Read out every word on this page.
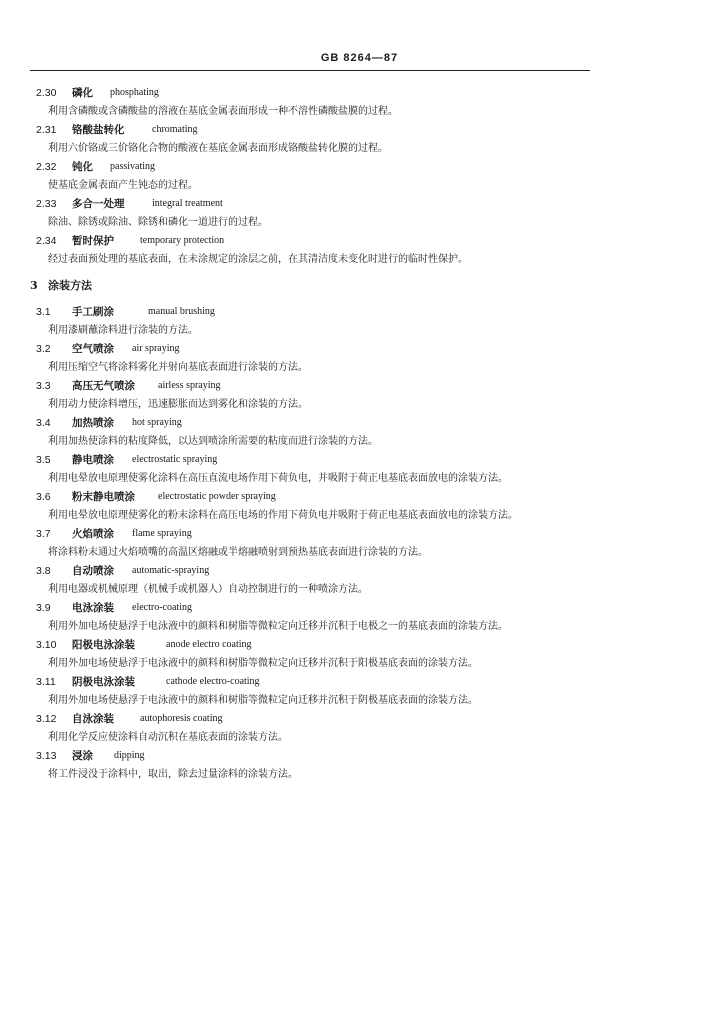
GB 8264—87
2.30 磷化 phosphating
利用含磷酸或含磷酸盐的溶液在基底金属表面形成一种不溶性磷酸盐膜的过程。
2.31 铬酸盐转化	chromating
利用六价铬或三价铬化合物的酸液在基底金属表面形成铬酸盐转化膜的过程。
2.32 钝化 passivating
使基底金属表面产生钝态的过程。
2.33 多合一处理	integral treatment
除油、除锈或除油、除锈和磷化一道进行的过程。
2.34 暂时保护	temporary protection
经过表面预处理的基底表面，在未涂规定的涂层之前，在其清洁度未变化时进行的临时性保护。
3 涂装方法
3.1 手工刷涂	manual brushing
利用漆刷蘸涂料进行涂装的方法。
3.2 空气喷涂 air spraying
利用压缩空气将涂料雾化并射向基底表面进行涂装的方法。
3.3 高压无气喷涂 airless spraying
利用动力使涂料增压，迅速膨胀而达到雾化和涂装的方法。
3.4 加热喷涂 hot spraying
利用加热使涂料的粘度降低，以达到喷涂所需要的粘度而进行涂装的方法。
3.5 静电喷涂 electrostatic spraying
利用电晕放电原理使雾化涂料在高压直流电场作用下荷负电，并吸附于荷正电基底表面放电的涂装方法。
3.6 粉末静电喷涂 electrostatic powder spraying
利用电晕放电原理使雾化的粉末涂料在高压电场的作用下荷负电并吸附于荷正电基底表面放电的涂装方法。
3.7 火焰喷涂 flame spraying
将涂料粉末通过火焰喷嘴的高温区熔融或半熔融喷射到预热基底表面进行涂装的方法。
3.8 自动喷涂 automatic-spraying
利用电器或机械原理（机械手或机器人）自动控制进行的一种喷涂方法。
3.9 电泳涂装 electro-coating
利用外加电场使悬浮于电泳液中的颜料和树脂等微粒定向迁移并沉积于电极之一的基底表面的涂装方法。
3.10 阳极电泳涂装	anode electro coating
利用外加电场使悬浮于电泳液中的颜料和树脂等微粒定向迁移并沉积于阳极基底表面的涂装方法。
3.11 阴极电泳涂装	cathode electro-coating
利用外加电场使悬浮于电泳液中的颜料和树脂等微粒定向迁移并沉积于阴极基底表面的涂装方法。
3.12 自泳涂装	autophoresis coating
利用化学反应使涂料自动沉积在基底表面的涂装方法。
3.13 浸涂 dipping
将工件浸没于涂料中，取出，除去过量涂料的涂装方法。
